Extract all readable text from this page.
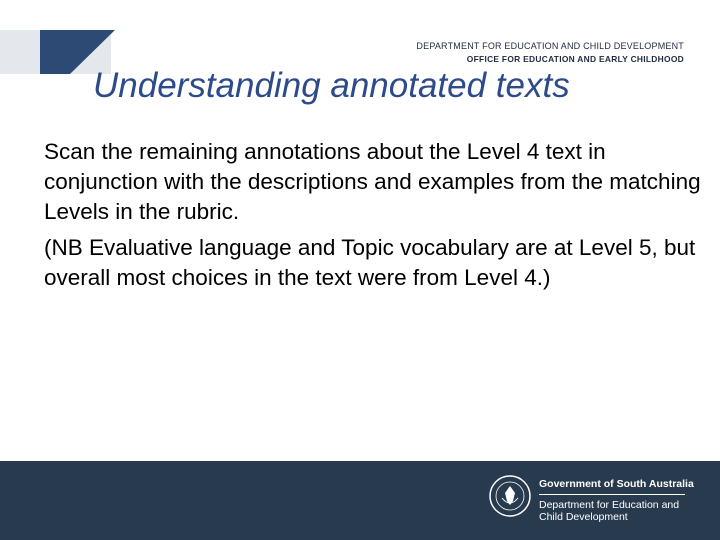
DEPARTMENT FOR EDUCATION AND CHILD DEVELOPMENT
OFFICE FOR EDUCATION AND EARLY CHILDHOOD
Understanding annotated texts

Scan the remaining annotations about the Level 4 text in conjunction with the descriptions and examples from the matching Levels in the rubric.

(NB Evaluative language and Topic vocabulary are at Level 5, but overall most choices in the text were from Level 4.)

Government of South Australia
Department for Education and
Child Development
